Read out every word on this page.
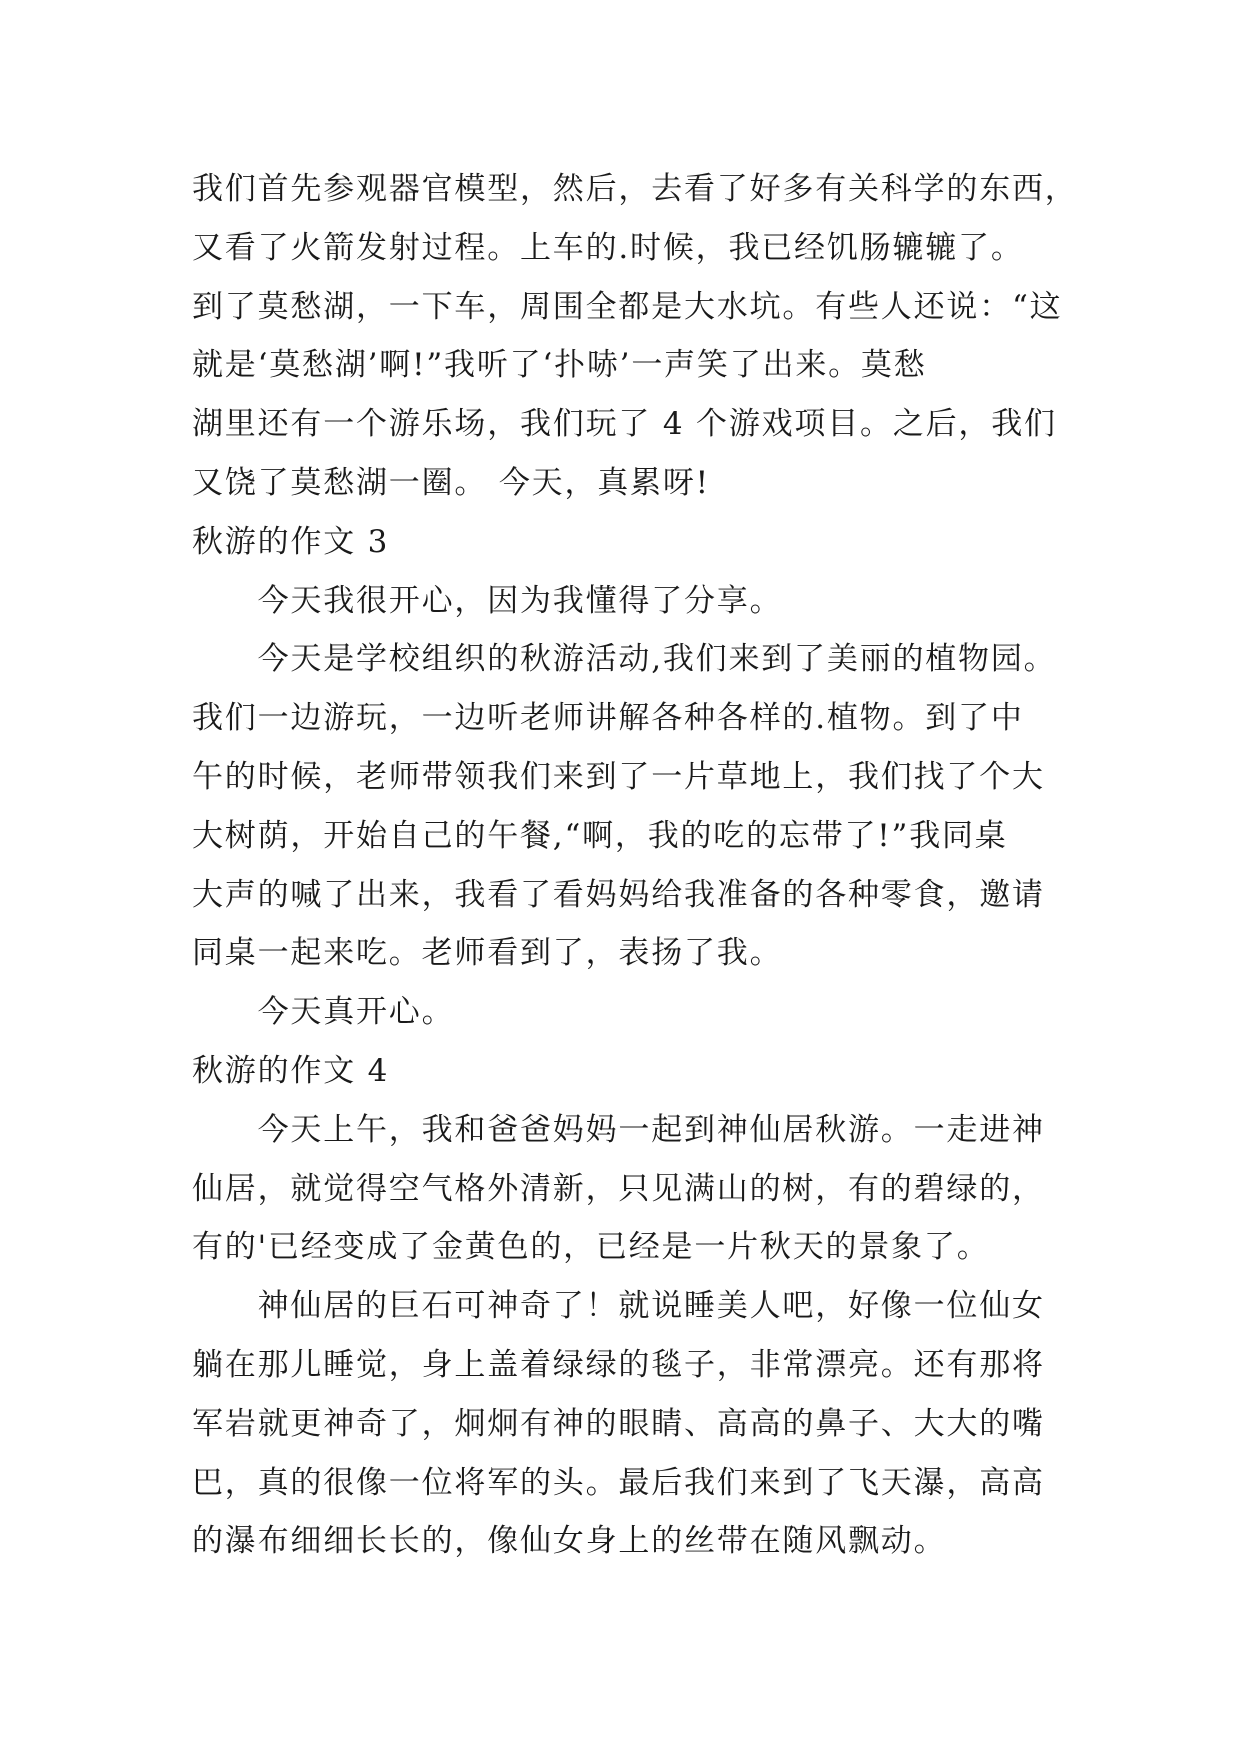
我们首先参观器官模型，然后，去看了好多有关科学的东西，
又看了火箭发射过程。上车的.时候，我已经饥肠辘辘了。
到了莫愁湖，一下车，周围全都是大水坑。有些人还说：“这
就是‘莫愁湖’啊!”我听了‘扑哧’一声笑了出来。莫愁
湖里还有一个游乐场，我们玩了 4 个游戏项目。之后，我们
又饶了莫愁湖一圈。 今天，真累呀!

秋游的作文 3

　　今天我很开心，因为我懂得了分享。

　　今天是学校组织的秋游活动,我们来到了美丽的植物园。
我们一边游玩，一边听老师讲解各种各样的.植物。到了中
午的时候，老师带领我们来到了一片草地上，我们找了个大
大树荫，开始自己的午餐,“啊，我的吃的忘带了!”我同桌
大声的喊了出来，我看了看妈妈给我准备的各种零食，邀请
同桌一起来吃。老师看到了，表扬了我。

　　今天真开心。

秋游的作文 4

　　今天上午，我和爸爸妈妈一起到神仙居秋游。一走进神
仙居，就觉得空气格外清新，只见满山的树，有的碧绿的，
有的'已经变成了金黄色的，已经是一片秋天的景象了。

　　神仙居的巨石可神奇了！就说睡美人吧，好像一位仙女
躺在那儿睡觉，身上盖着绿绿的毯子，非常漂亮。还有那将
军岩就更神奇了，炯炯有神的眼睛、高高的鼻子、大大的嘴
巴，真的很像一位将军的头。最后我们来到了飞天瀑，高高
的瀑布细细长长的，像仙女身上的丝带在随风飘动。
